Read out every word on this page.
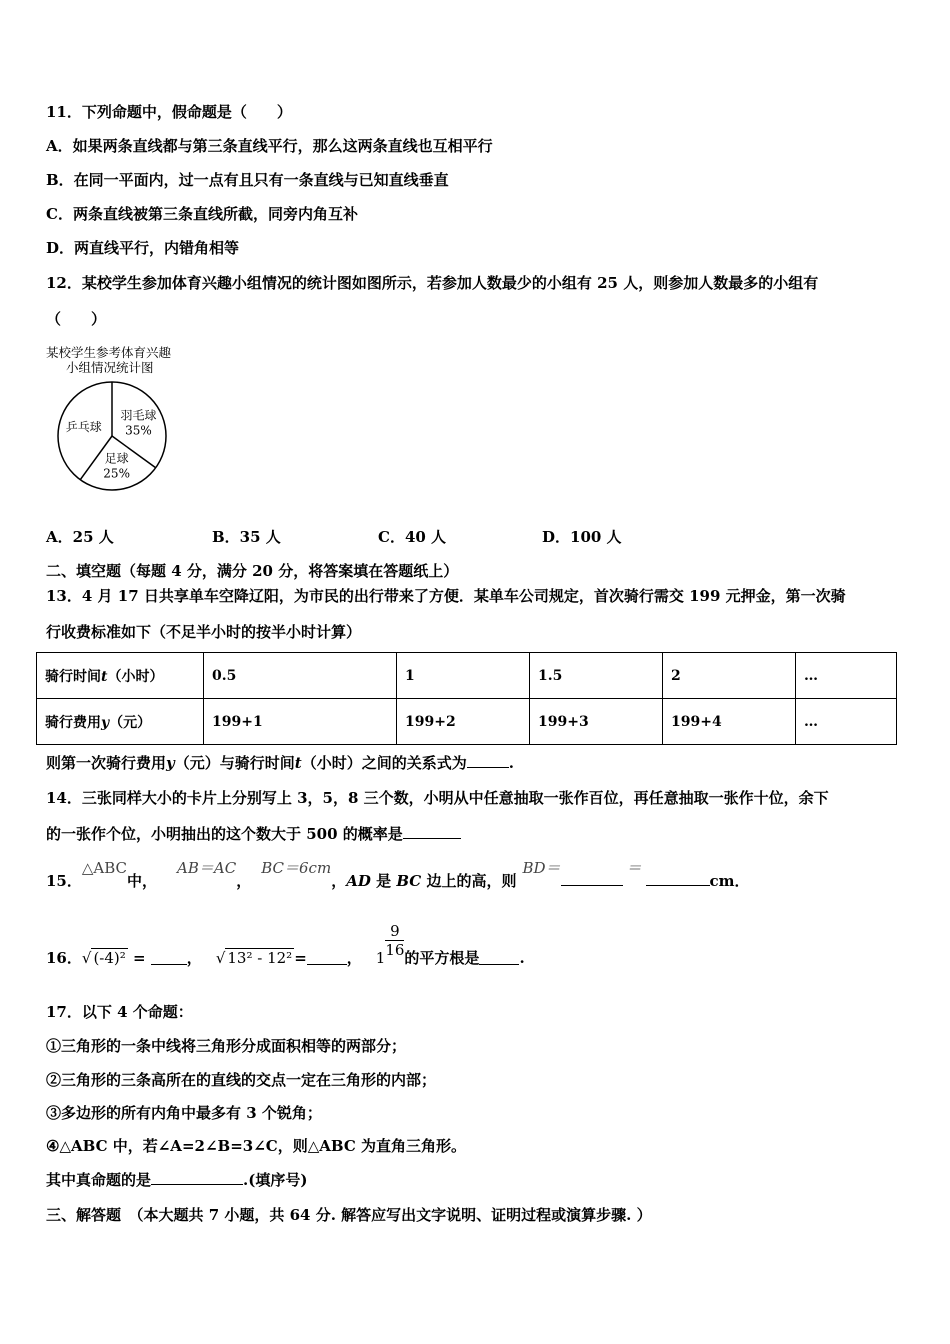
11．下列命题中，假命题是（　　）
A．如果两条直线都与第三条直线平行，那么这两条直线也互相平行
B．在同一平面内，过一点有且只有一条直线与已知直线垂直
C．两条直线被第三条直线所截，同旁内角互补
D．两直线平行，内错角相等
12．某校学生参加体育兴趣小组情况的统计图如图所示，若参加人数最少的小组有 25 人，则参加人数最多的小组有
（　　）
某校学生参考体育兴趣
小组情况统计图
羽毛球
35%
足球
25%
乒乓球
A．25 人	B．35 人	C．40 人	D．100 人
二、填空题（每题 4 分，满分 20 分，将答案填在答题纸上）
13．4 月 17 日共享单车空降辽阳，为市民的出行带来了方便．某单车公司规定，首次骑行需交 199 元押金，第一次骑
行收费标准如下（不足半小时的按半小时计算）
骑行时间t（小时）	0.5	1	1.5	2	…
骑行费用y（元）	199+1	199+2	199+3	199+4	…
则第一次骑行费用y（元）与骑行时间t（小时）之间的关系式为	.
14．三张同样大小的卡片上分别写上 3，5，8 三个数，小明从中任意抽取一张作百位，再任意抽取一张作十位，余下
的一张作个位，小明抽出的这个数大于 500 的概率是
15．△ABC中，AB＝AC，BC＝6cm，AD 是 BC 边上的高，则BD＝	＝cm．
16．√ (-4)² = ， √ 13² - 12² =	， $1 \frac{9}{16}$ 的平方根是	.
17．以下 4 个命题：
①三角形的一条中线将三角形分成面积相等的两部分；
②三角形的三条高所在的直线的交点一定在三角形的内部；
③多边形的所有内角中最多有 3 个锐角；
④△ABC 中，若∠A=2∠B=3∠C，则△ABC 为直角三角形。
其中真命题的是	.(填序号)
三、解答题　（本大题共 7 小题，共 64 分. 解答应写出文字说明、证明过程或演算步骤. ）
